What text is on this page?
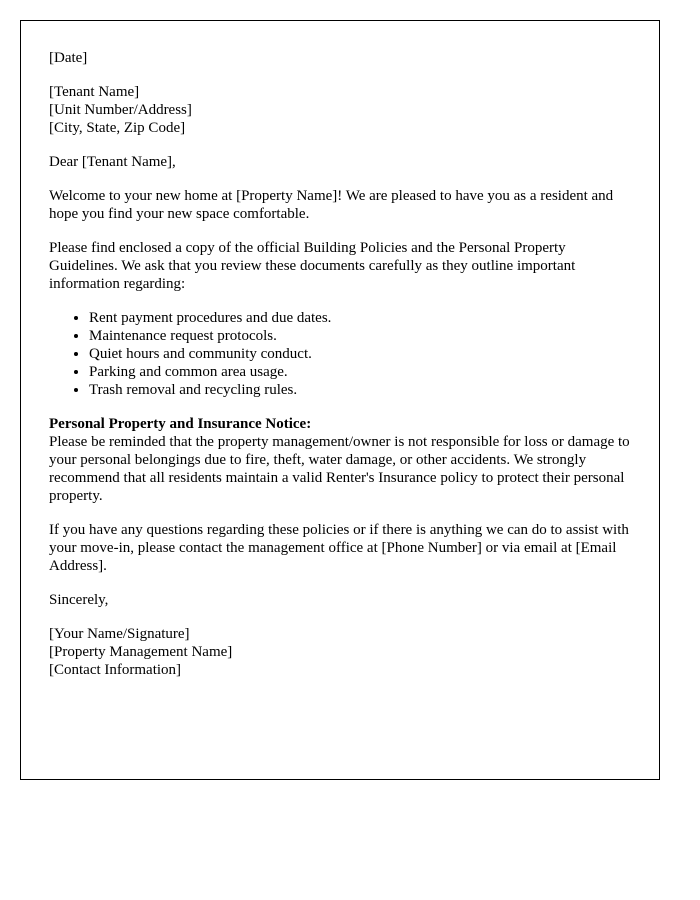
[Date]
[Tenant Name]
[Unit Number/Address]
[City, State, Zip Code]

Dear [Tenant Name],

Welcome to your new home at [Property Name]! We are pleased to have you as a resident and hope you find your new space comfortable.

Please find enclosed a copy of the official Building Policies and the Personal Property Guidelines. We ask that you review these documents carefully as they outline important information regarding:

• Rent payment procedures and due dates.
• Maintenance request protocols.
• Quiet hours and community conduct.
• Parking and common area usage.
• Trash removal and recycling rules.
Personal Property and Insurance Notice:
Please be reminded that the property management/owner is not responsible for loss or damage to your personal belongings due to fire, theft, water damage, or other accidents. We strongly recommend that all residents maintain a valid Renter's Insurance policy to protect their personal property.

If you have any questions regarding these policies or if there is anything we can do to assist with your move-in, please contact the management office at [Phone Number] or via email at [Email Address].

Sincerely,

[Your Name/Signature]
[Property Management Name]
[Contact Information]
